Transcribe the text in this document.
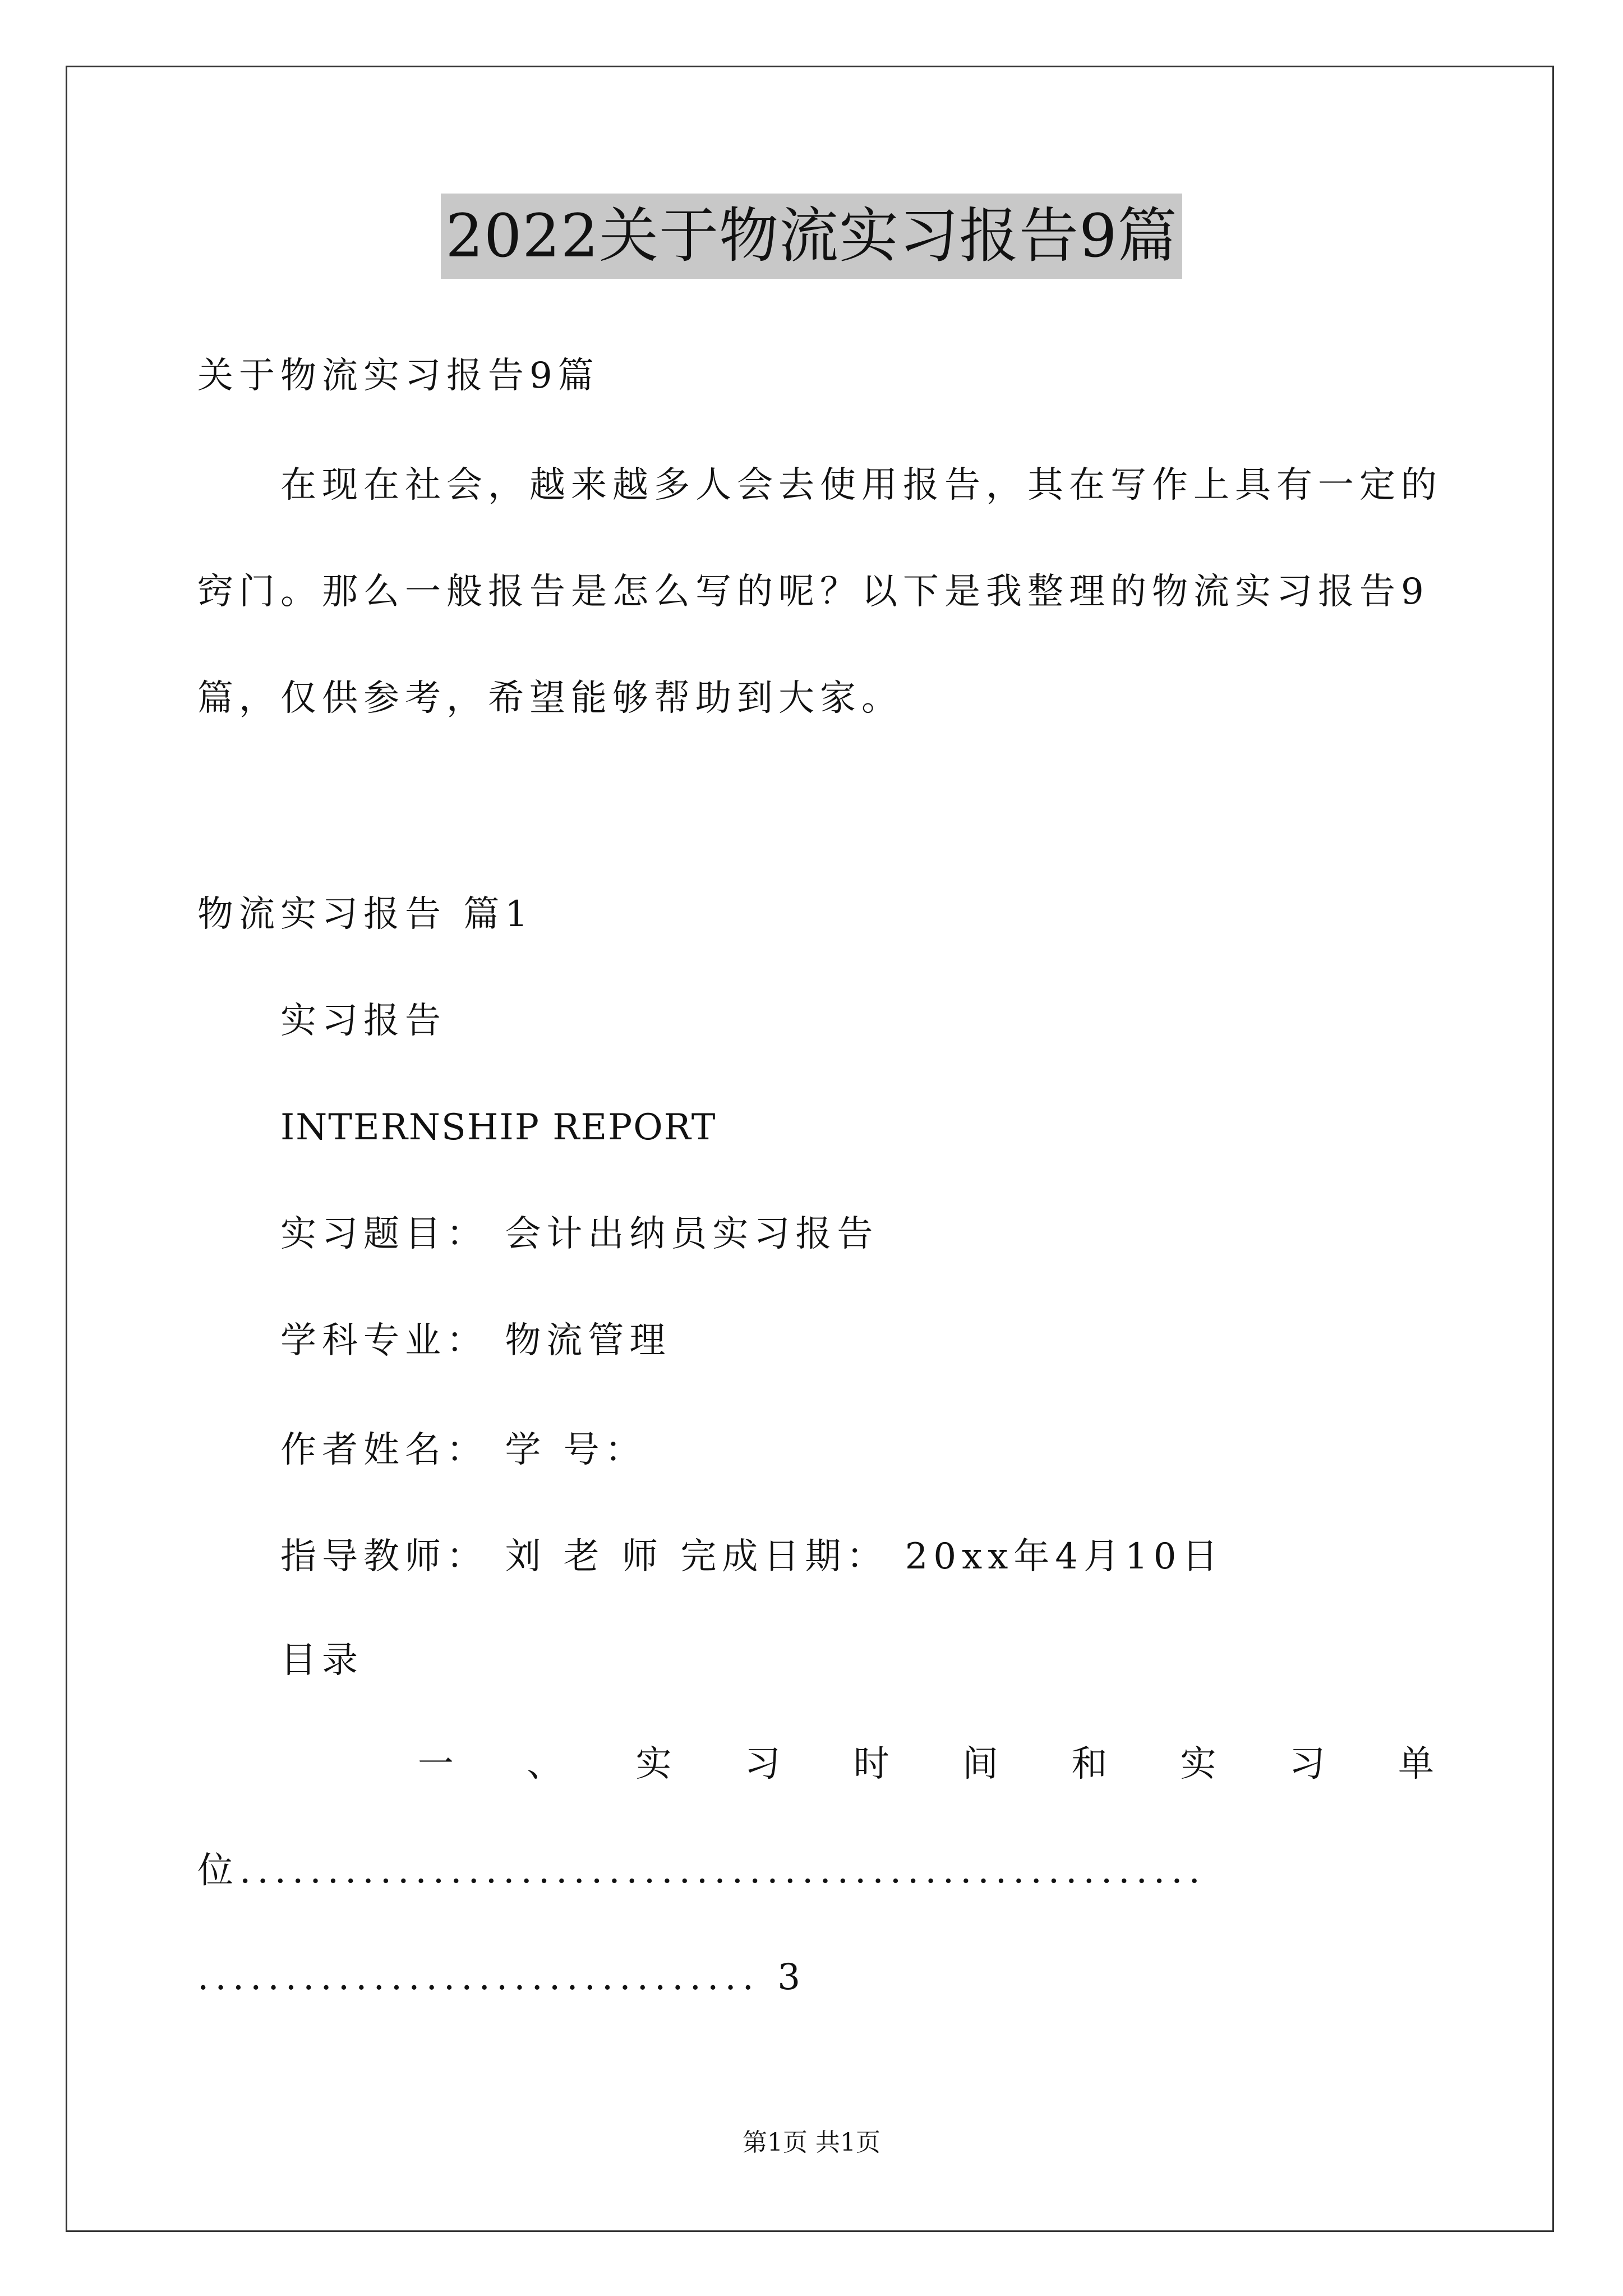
2022关于物流实习报告9篇
关于物流实习报告9篇
在现在社会，越来越多人会去使用报告，其在写作上具有一定的
窍门。那么一般报告是怎么写的呢？以下是我整理的物流实习报告9
篇，仅供参考，希望能够帮助到大家。
物流实习报告 篇1
实习报告
INTERNSHIP REPORT
实习题目： 会计出纳员实习报告
学科专业： 物流管理
作者姓名： 学 号：
指导教师： 刘 老 师 完成日期： 20xx年4月10日
目录
一 、 实 习 时 间 和 实 习 单
位.......................................................
................................ 3
第1页 共1页
